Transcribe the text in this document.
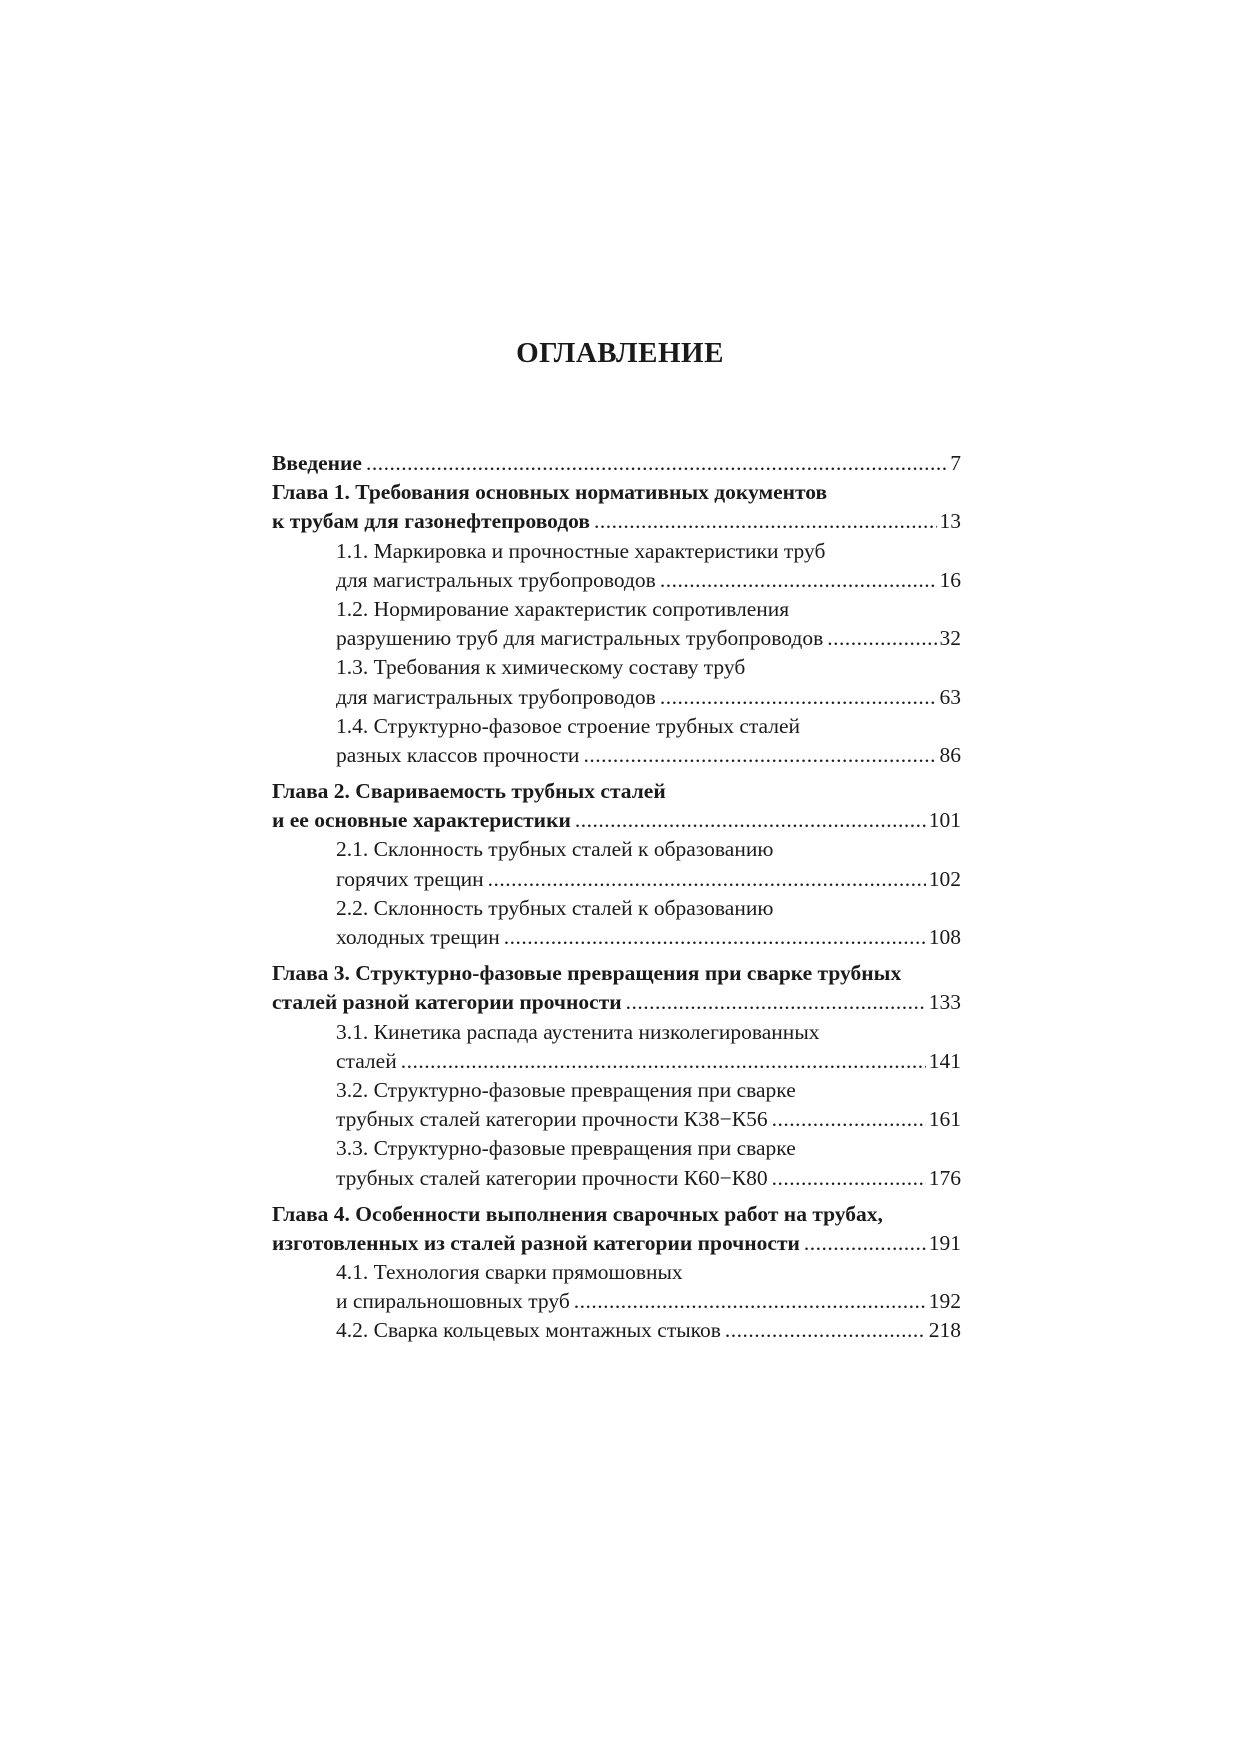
ОГЛАВЛЕНИЕ
Введение .....	7
Глава 1. Требования основных нормативных документов
к трубам для газонефтепроводов .....	13
1.1. Маркировка и прочностные характеристики труб
для магистральных трубопроводов .....	16
1.2. Нормирование характеристик сопротивления
разрушению труб для магистральных трубопроводов .....	32
1.3. Требования к химическому составу труб
для магистральных трубопроводов .....	63
1.4. Структурно-фазовое строение трубных сталей
разных классов прочности .....	86
Глава 2. Свариваемость трубных сталей
и ее основные характеристики .....	101
2.1. Склонность трубных сталей к образованию
горячих трещин .....	102
2.2. Склонность трубных сталей к образованию
холодных трещин .....	108
Глава 3. Структурно-фазовые превращения при сварке трубных
сталей разной категории прочности .....	133
3.1. Кинетика распада аустенита низколегированных
сталей .....	141
3.2. Структурно-фазовые превращения при сварке
трубных сталей категории прочности К38−К56 .....	161
3.3. Структурно-фазовые превращения при сварке
трубных сталей категории прочности К60−К80 .....	176
Глава 4. Особенности выполнения сварочных работ на трубах,
изготовленных из сталей разной категории прочности .....	191
4.1. Технология сварки прямошовных
и спиральношовных труб .....	192
4.2. Сварка кольцевых монтажных стыков .....	218
